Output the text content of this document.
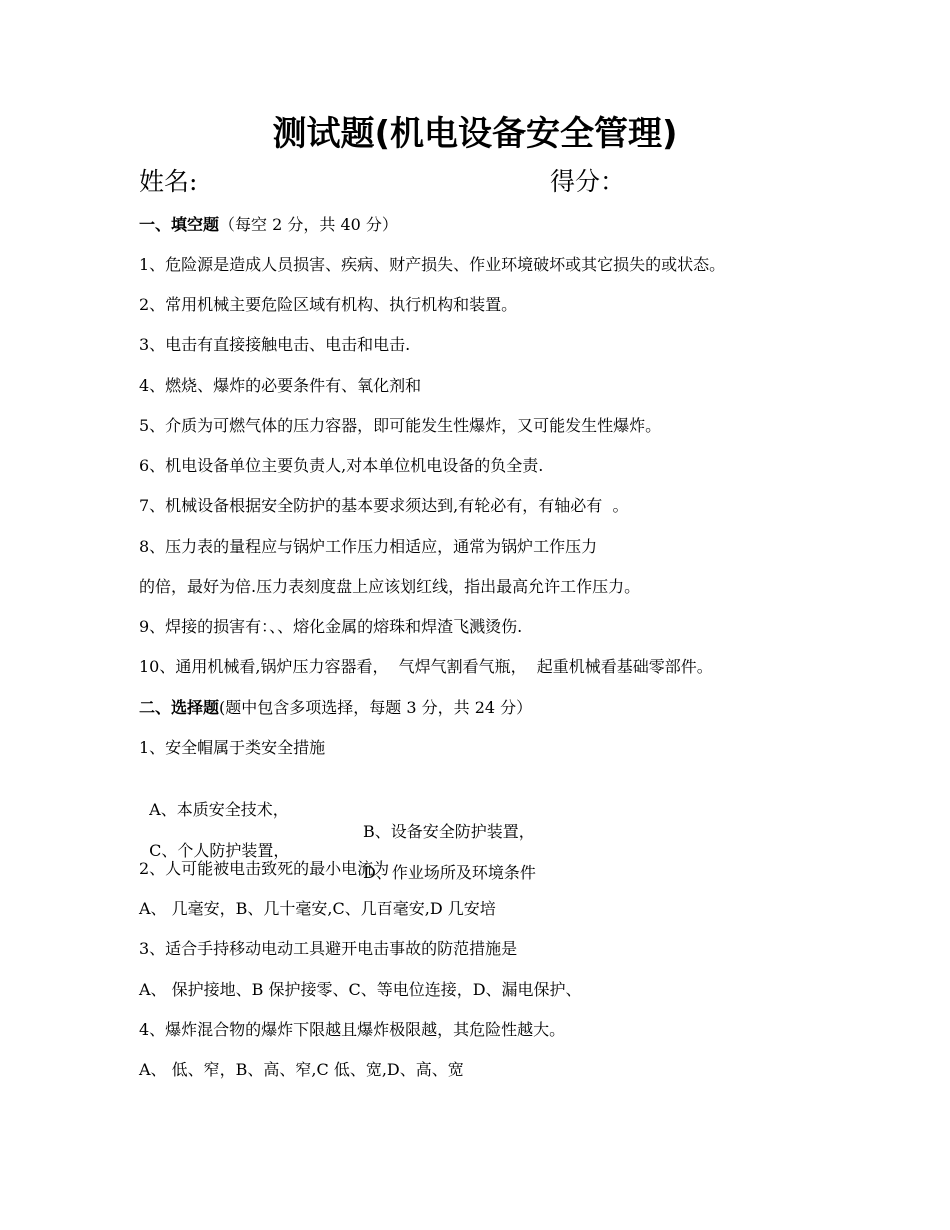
测试题(机电设备安全管理)
姓名:	得分：
一、填空题（每空 2 分，共 40 分）
1、危险源是造成人员损害、疾病、财产损失、作业环境破坏或其它损失的或状态。
2、常用机械主要危险区域有机构、执行机构和装置。
3、电击有直接接触电击、电击和电击.
4、燃烧、爆炸的必要条件有、氧化剂和
5、介质为可燃气体的压力容器，即可能发生性爆炸，又可能发生性爆炸。
6、机电设备单位主要负责人,对本单位机电设备的负全责.
7、机械设备根据安全防护的基本要求须达到,有轮必有，有轴必有  。
8、压力表的量程应与锅炉工作压力相适应，通常为锅炉工作压力
的倍，最好为倍.压力表刻度盘上应该划红线，指出最高允许工作压力。
9、焊接的损害有：、、熔化金属的熔珠和焊渣飞溅烫伤.
10、通用机械看,锅炉压力容器看，  气焊气割看气瓶，  起重机械看基础零部件。
二、选择题(题中包含多项选择，每题 3 分，共 24 分）
1、安全帽属于类安全措施

A、本质安全技术，

B、设备安全防护装置，

C、个人防护装置，

D、作业场所及环境条件

2、人可能被电击致死的最小电流为
A、 几毫安，B、几十毫安,C、几百毫安,D 几安培
3、适合手持移动电动工具避开电击事故的防范措施是
A、 保护接地、B 保护接零、C、等电位连接，D、漏电保护、
4、爆炸混合物的爆炸下限越且爆炸极限越，其危险性越大。
A、 低、窄，B、高、窄,C 低、宽,D、高、宽
